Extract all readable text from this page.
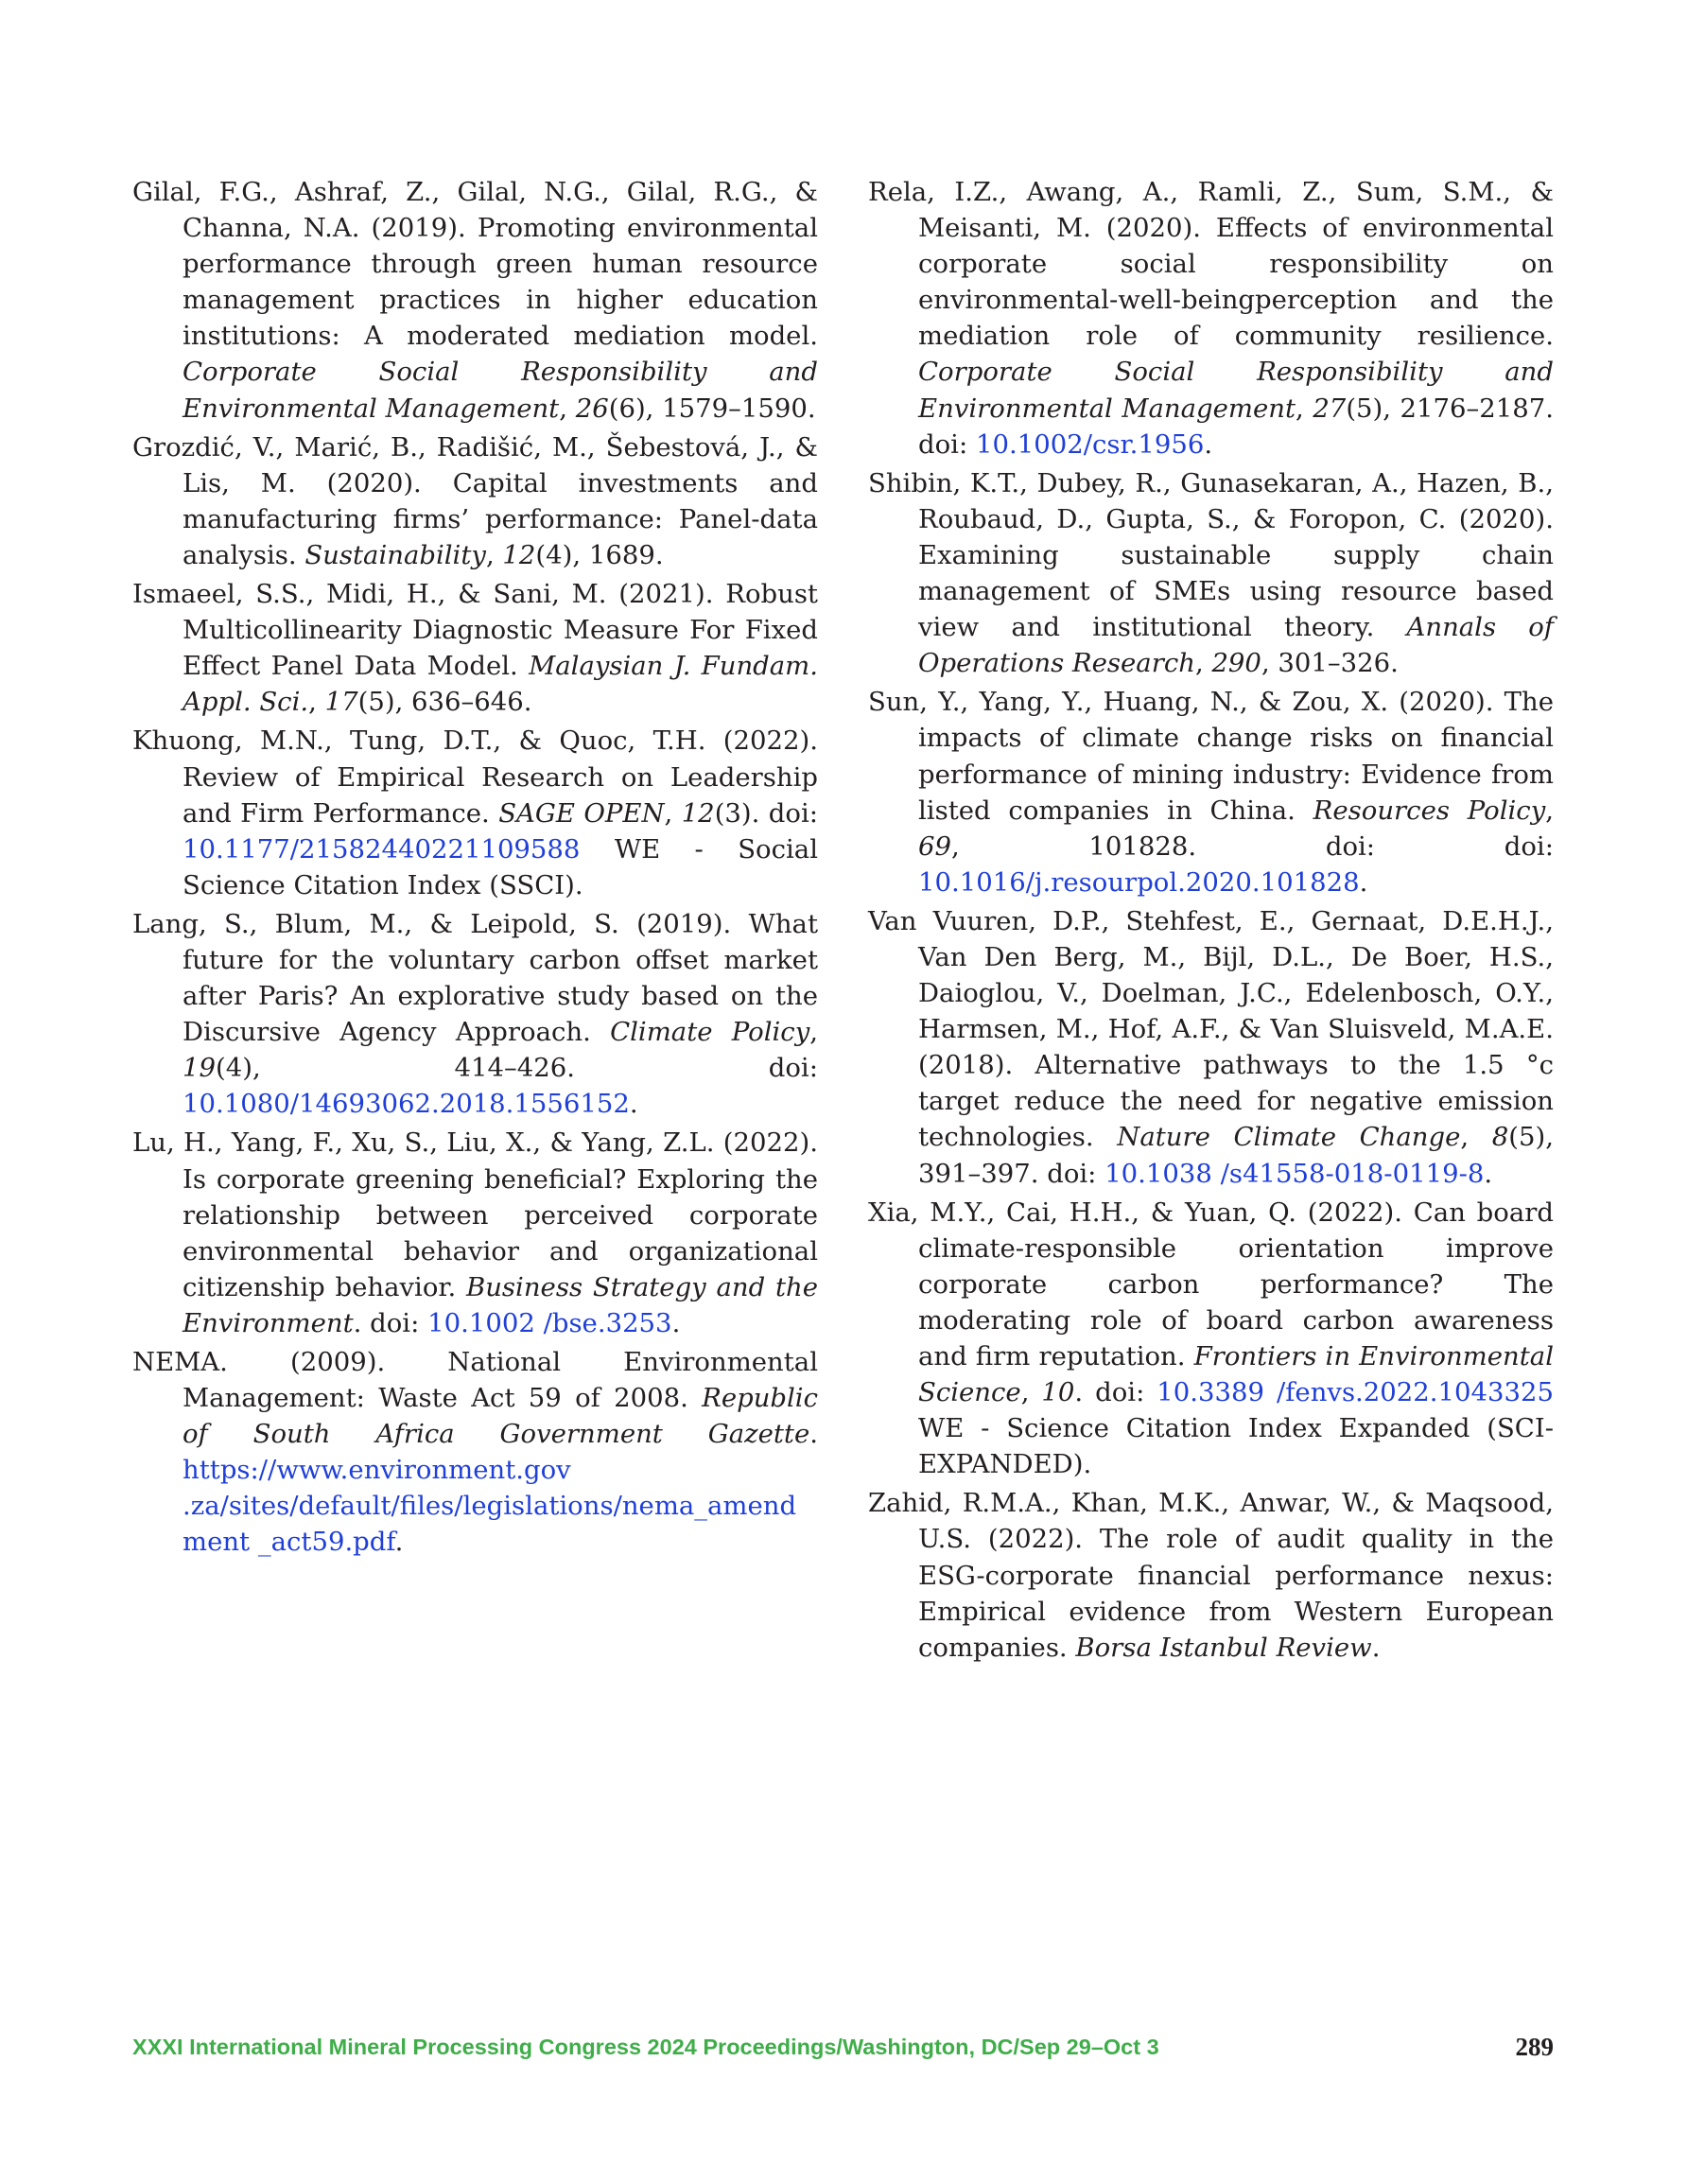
Gilal, F.G., Ashraf, Z., Gilal, N.G., Gilal, R.G., & Channa, N.A. (2019). Promoting environmental performance through green human resource management practices in higher education institutions: A moderated mediation model. Corporate Social Responsibility and Environmental Management, 26(6), 1579–1590.

Grozdić, V., Marić, B., Radišić, M., Šebestová, J., & Lis, M. (2020). Capital investments and manufacturing firms’ performance: Panel-data analysis. Sustainability, 12(4), 1689.

Ismaeel, S.S., Midi, H., & Sani, M. (2021). Robust Multicollinearity Diagnostic Measure For Fixed Effect Panel Data Model. Malaysian J. Fundam. Appl. Sci., 17(5), 636–646.

Khuong, M.N., Tung, D.T., & Quoc, T.H. (2022). Review of Empirical Research on Leadership and Firm Performance. SAGE OPEN, 12(3). doi: 10.1177/21582440221109588 WE - Social Science Citation Index (SSCI).

Lang, S., Blum, M., & Leipold, S. (2019). What future for the voluntary carbon offset market after Paris? An explorative study based on the Discursive Agency Approach. Climate Policy, 19(4), 414–426. doi: 10.1080/14693062.2018.1556152.

Lu, H., Yang, F., Xu, S., Liu, X., & Yang, Z.L. (2022). Is corporate greening beneficial? Exploring the relationship between perceived corporate environmental behavior and organizational citizenship behavior. Business Strategy and the Environment. doi: 10.1002 /bse.3253.

NEMA. (2009). National Environmental Management: Waste Act 59 of 2008. Republic of South Africa Government Gazette. https://www.environment.gov .za/sites/default/files/legislations/nema_amendment _act59.pdf.

Rela, I.Z., Awang, A., Ramli, Z., Sum, S.M., & Meisanti, M. (2020). Effects of environmental corporate social responsibility on environmental-well-beingperception and the mediation role of community resilience. Corporate Social Responsibility and Environmental Management, 27(5), 2176–2187. doi: 10.1002/csr.1956.

Shibin, K.T., Dubey, R., Gunasekaran, A., Hazen, B., Roubaud, D., Gupta, S., & Foropon, C. (2020). Examining sustainable supply chain management of SMEs using resource based view and institutional theory. Annals of Operations Research, 290, 301–326.

Sun, Y., Yang, Y., Huang, N., & Zou, X. (2020). The impacts of climate change risks on financial performance of mining industry: Evidence from listed companies in China. Resources Policy, 69, 101828. doi: doi: 10.1016/j.resourpol.2020.101828.

Van Vuuren, D.P., Stehfest, E., Gernaat, D.E.H.J., Van Den Berg, M., Bijl, D.L., De Boer, H.S., Daioglou, V., Doelman, J.C., Edelenbosch, O.Y., Harmsen, M., Hof, A.F., & Van Sluisveld, M.A.E. (2018). Alternative pathways to the 1.5 °c target reduce the need for negative emission technologies. Nature Climate Change, 8(5), 391–397. doi: 10.1038 /s41558-018-0119-8.

Xia, M.Y., Cai, H.H., & Yuan, Q. (2022). Can board climate-responsible orientation improve corporate carbon performance? The moderating role of board carbon awareness and firm reputation. Frontiers in Environmental Science, 10. doi: 10.3389 /fenvs.2022.1043325 WE - Science Citation Index Expanded (SCI-EXPANDED).

Zahid, R.M.A., Khan, M.K., Anwar, W., & Maqsood, U.S. (2022). The role of audit quality in the ESG-corporate financial performance nexus: Empirical evidence from Western European companies. Borsa Istanbul Review.

XXXI International Mineral Processing Congress 2024 Proceedings/Washington, DC/Sep 29–Oct 3	289
